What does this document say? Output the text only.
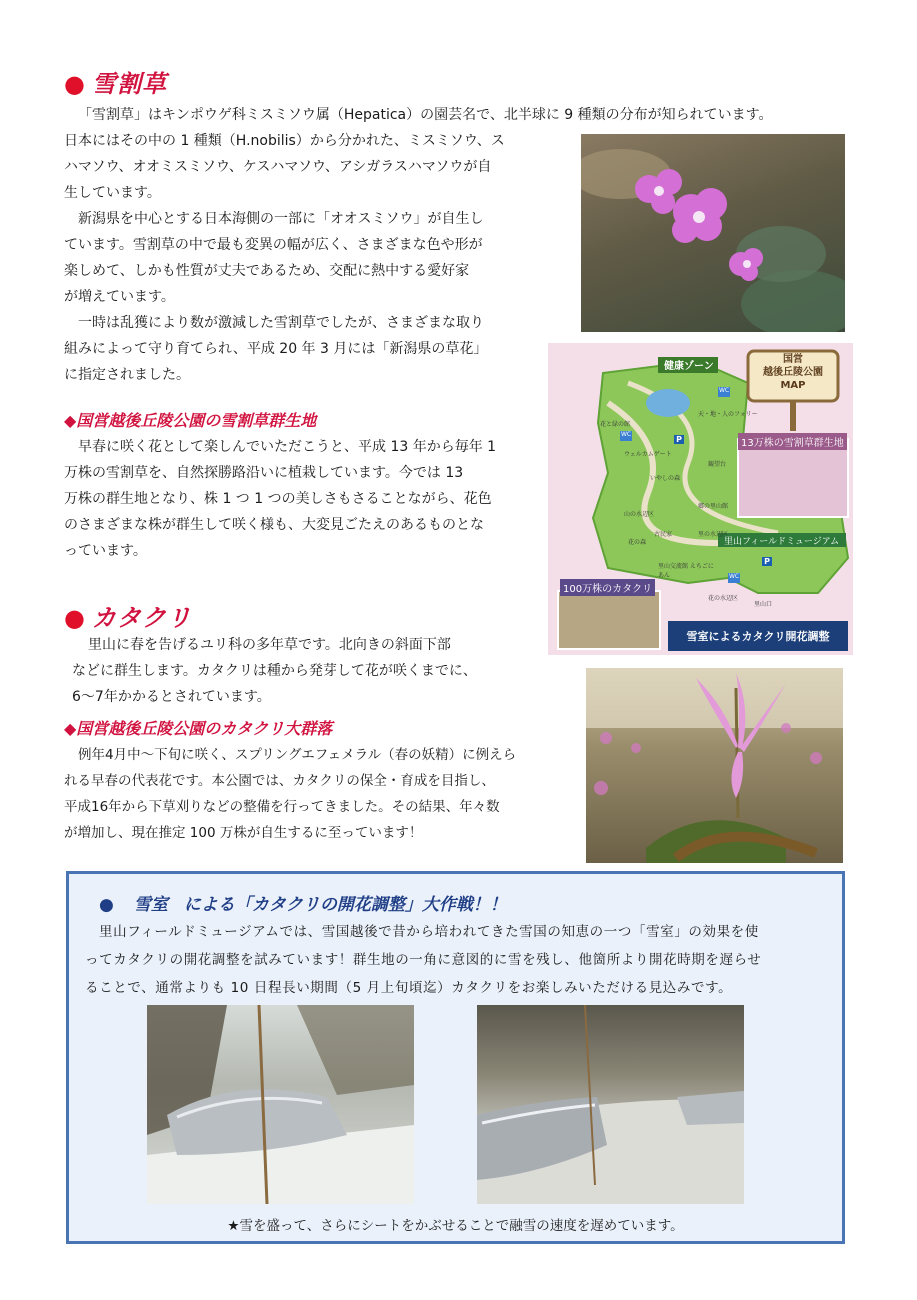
● 雪割草
「雪割草」はキンポウゲ科ミスミソウ属（Hepatica）の園芸名で、北半球に 9 種類の分布が知られています。
日本にはその中の 1 種類（H.nobilis）から分かれた、ミスミソウ、ス
ハマソウ、オオミスミソウ、ケスハマソウ、アシガラスハマソウが自
生しています。
新潟県を中心とする日本海側の一部に「オオスミソウ」が自生し
ています。雪割草の中で最も変異の幅が広く、さまざまな色や形が
楽しめて、しかも性質が丈夫であるため、交配に熱中する愛好家
が増えています。
一時は乱獲により数が激減した雪割草でしたが、さまざまな取り
組みによって守り育てられ、平成 20 年 3 月には「新潟県の草花」
に指定されました。
◆国営越後丘陵公園の雪割草群生地
早春に咲く花として楽しんでいただこうと、平成 13 年から毎年 1
万株の雪割草を、自然探勝路沿いに植栽しています。今では 13
万株の群生地となり、株 1 つ 1 つの美しさもさることながら、花色
のさまざまな株が群生して咲く様も、大変見ごたえのあるものとな
っています。
健康ゾーン
国営
越後丘陵公園
MAP
13万株の雪割草群生地
100万株のカタクリ
里山フィールドミュージアム
花と緑の館
ウェルカムゲート
いやしの森
天・地・人のフォリー
観望台
山の水辺区
古民家
花の森
里山交流館 えちごにあん
里の水辺区
花の水辺区
郷の里山館
里山口
WC
WC
WC
P
P
雪室によるカタクリ開花調整
● カタクリ
里山に春を告げるユリ科の多年草です。北向きの斜面下部
などに群生します。カタクリは種から発芽して花が咲くまでに、
6～7年かかるとされています。
◆国営越後丘陵公園のカタクリ大群落
例年4月中～下旬に咲く、スプリングエフェメラル（春の妖精）に例えら
れる早春の代表花です。本公園では、カタクリの保全・育成を目指し、
平成16年から下草刈りなどの整備を行ってきました。その結果、年々数
が増加し、現在推定 100 万株が自生するに至っています！
● 雪室 による「カタクリの開花調整」大作戦！！
里山フィールドミュージアムでは、雪国越後で昔から培われてきた雪国の知恵の一つ「雪室」の効果を使
ってカタクリの開花調整を試みています！群生地の一角に意図的に雪を残し、他箇所より開花時期を遅らせ
ることで、通常よりも 10 日程長い期間（5 月上旬頃迄）カタクリをお楽しみいただける見込みです。
★雪を盛って、さらにシートをかぶせることで融雪の速度を遅めています。
